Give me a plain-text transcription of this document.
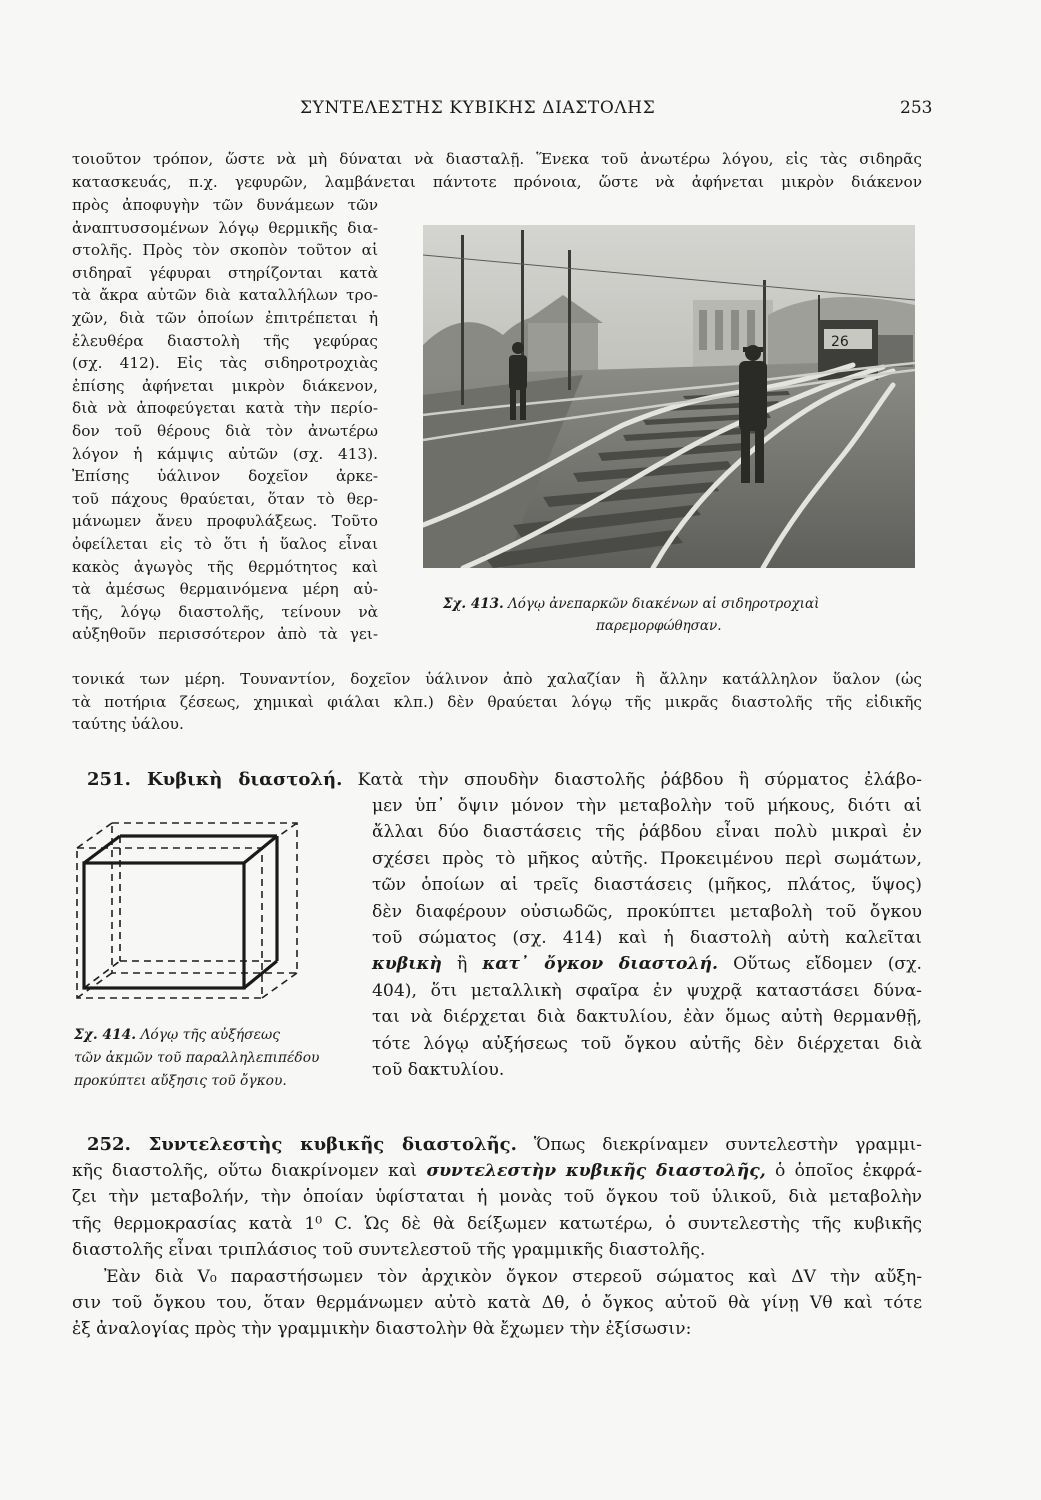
ΣΥΝΤΕΛΕΣΤΗΣ ΚΥΒΙΚΗΣ ΔΙΑΣΤΟΛΗΣ	253
τοιοῦτον τρόπον, ὥστε νὰ μὴ δύναται νὰ διασταλῇ. Ἕνεκα τοῦ ἀνωτέρω λόγου, εἰς τὰς σιδηρᾶς
κατασκευάς, π.χ. γεφυρῶν, λαμβάνεται πάντοτε πρόνοια, ὥστε νὰ ἀφήνεται μικρὸν διάκενον
πρὸς ἀποφυγὴν τῶν δυνάμεων τῶν
ἀναπτυσσομένων λόγῳ θερμικῆς δια-
στολῆς. Πρὸς τὸν σκοπὸν τοῦτον αἱ
σιδηραῖ γέφυραι στηρίζονται κατὰ
τὰ ἄκρα αὐτῶν διὰ καταλλήλων τρο-
χῶν, διὰ τῶν ὁποίων ἐπιτρέπεται ἡ
ἐλευθέρα διαστολὴ τῆς γεφύρας
(σχ. 412). Εἰς τὰς σιδηροτροχιὰς
ἐπίσης ἀφήνεται μικρὸν διάκενον,
διὰ νὰ ἀποφεύγεται κατὰ τὴν περίο-
δον τοῦ θέρους διὰ τὸν ἀνωτέρω
λόγον ἡ κάμψις αὐτῶν (σχ. 413).
Ἐπίσης ὑάλινον δοχεῖον ἀρκε-
τοῦ πάχους θραύεται, ὅταν τὸ θερ-
μάνωμεν ἄνευ προφυλάξεως. Τοῦτο
ὀφείλεται εἰς τὸ ὅτι ἡ ὕαλος εἶναι
κακὸς ἀγωγὸς τῆς θερμότητος καὶ
τὰ ἀμέσως θερμαινόμενα μέρη αὐ-
τῆς, λόγῳ διαστολῆς, τείνουν νὰ
αὐξηθοῦν περισσότερον ἀπὸ τὰ γει-
τονικά των μέρη. Τουναντίον, δοχεῖον ὑάλινον ἀπὸ χαλαζίαν ἢ ἄλλην κατάλληλον ὕαλον (ὡς
τὰ ποτήρια ζέσεως, χημικαὶ φιάλαι κλπ.) δὲν θραύεται λόγῳ τῆς μικρᾶς διαστολῆς τῆς εἰδικῆς
ταύτης ὑάλου.
26
Σχ. 413. Λόγῳ ἀνεπαρκῶν διακένων αἱ σιδηροτροχιαὶ
παρεμορφώθησαν.
251. Κυβικὴ διαστολή. Κατὰ τὴν σπουδὴν διαστολῆς ῥάβδου ἢ σύρματος ἐλάβο-
μεν ὑπ᾽ ὄψιν μόνον τὴν μεταβολὴν τοῦ μήκους, διότι αἱ
ἄλλαι δύο διαστάσεις τῆς ῥάβδου εἶναι πολὺ μικραὶ ἐν
σχέσει πρὸς τὸ μῆκος αὐτῆς. Προκειμένου περὶ σωμάτων,
τῶν ὁποίων αἱ τρεῖς διαστάσεις (μῆκος, πλάτος, ὕψος)
δὲν διαφέρουν οὐσιωδῶς, προκύπτει μεταβολὴ τοῦ ὄγκου
τοῦ σώματος (σχ. 414) καὶ ἡ διαστολὴ αὐτὴ καλεῖται
κυβικὴ ἢ κατ᾽ ὄγκον διαστολή. Οὕτως εἴδομεν (σχ.
404), ὅτι μεταλλικὴ σφαῖρα ἐν ψυχρᾷ καταστάσει δύνα-
ται νὰ διέρχεται διὰ δακτυλίου, ἐὰν ὅμως αὐτὴ θερμανθῇ,
τότε λόγῳ αὐξήσεως τοῦ ὄγκου αὐτῆς δὲν διέρχεται διὰ
τοῦ δακτυλίου.
Σχ. 414. Λόγῳ τῆς αὐξήσεως
τῶν ἀκμῶν τοῦ παραλληλεπιπέδου
προκύπτει αὔξησις τοῦ ὄγκου.
252. Συντελεστὴς κυβικῆς διαστολῆς. Ὅπως διεκρίναμεν συντελεστὴν γραμμι-
κῆς διαστολῆς, οὕτω διακρίνομεν καὶ συντελεστὴν κυβικῆς διαστολῆς, ὁ ὁποῖος ἐκφρά-
ζει τὴν μεταβολήν, τὴν ὁποίαν ὑφίσταται ἡ μονὰς τοῦ ὄγκου τοῦ ὑλικοῦ, διὰ μεταβολὴν
τῆς θερμοκρασίας κατὰ 1⁰ C. Ὡς δὲ θὰ δείξωμεν κατωτέρω, ὁ συντελεστὴς τῆς κυβικῆς
διαστολῆς εἶναι τριπλάσιος τοῦ συντελεστοῦ τῆς γραμμικῆς διαστολῆς.
Ἐὰν διὰ V₀ παραστήσωμεν τὸν ἀρχικὸν ὄγκον στερεοῦ σώματος καὶ ΔV τὴν αὔξη-
σιν τοῦ ὄγκου του, ὅταν θερμάνωμεν αὐτὸ κατὰ Δθ, ὁ ὄγκος αὐτοῦ θὰ γίνῃ Vθ καὶ τότε
ἐξ ἀναλογίας πρὸς τὴν γραμμικὴν διαστολὴν θὰ ἔχωμεν τὴν ἐξίσωσιν:
